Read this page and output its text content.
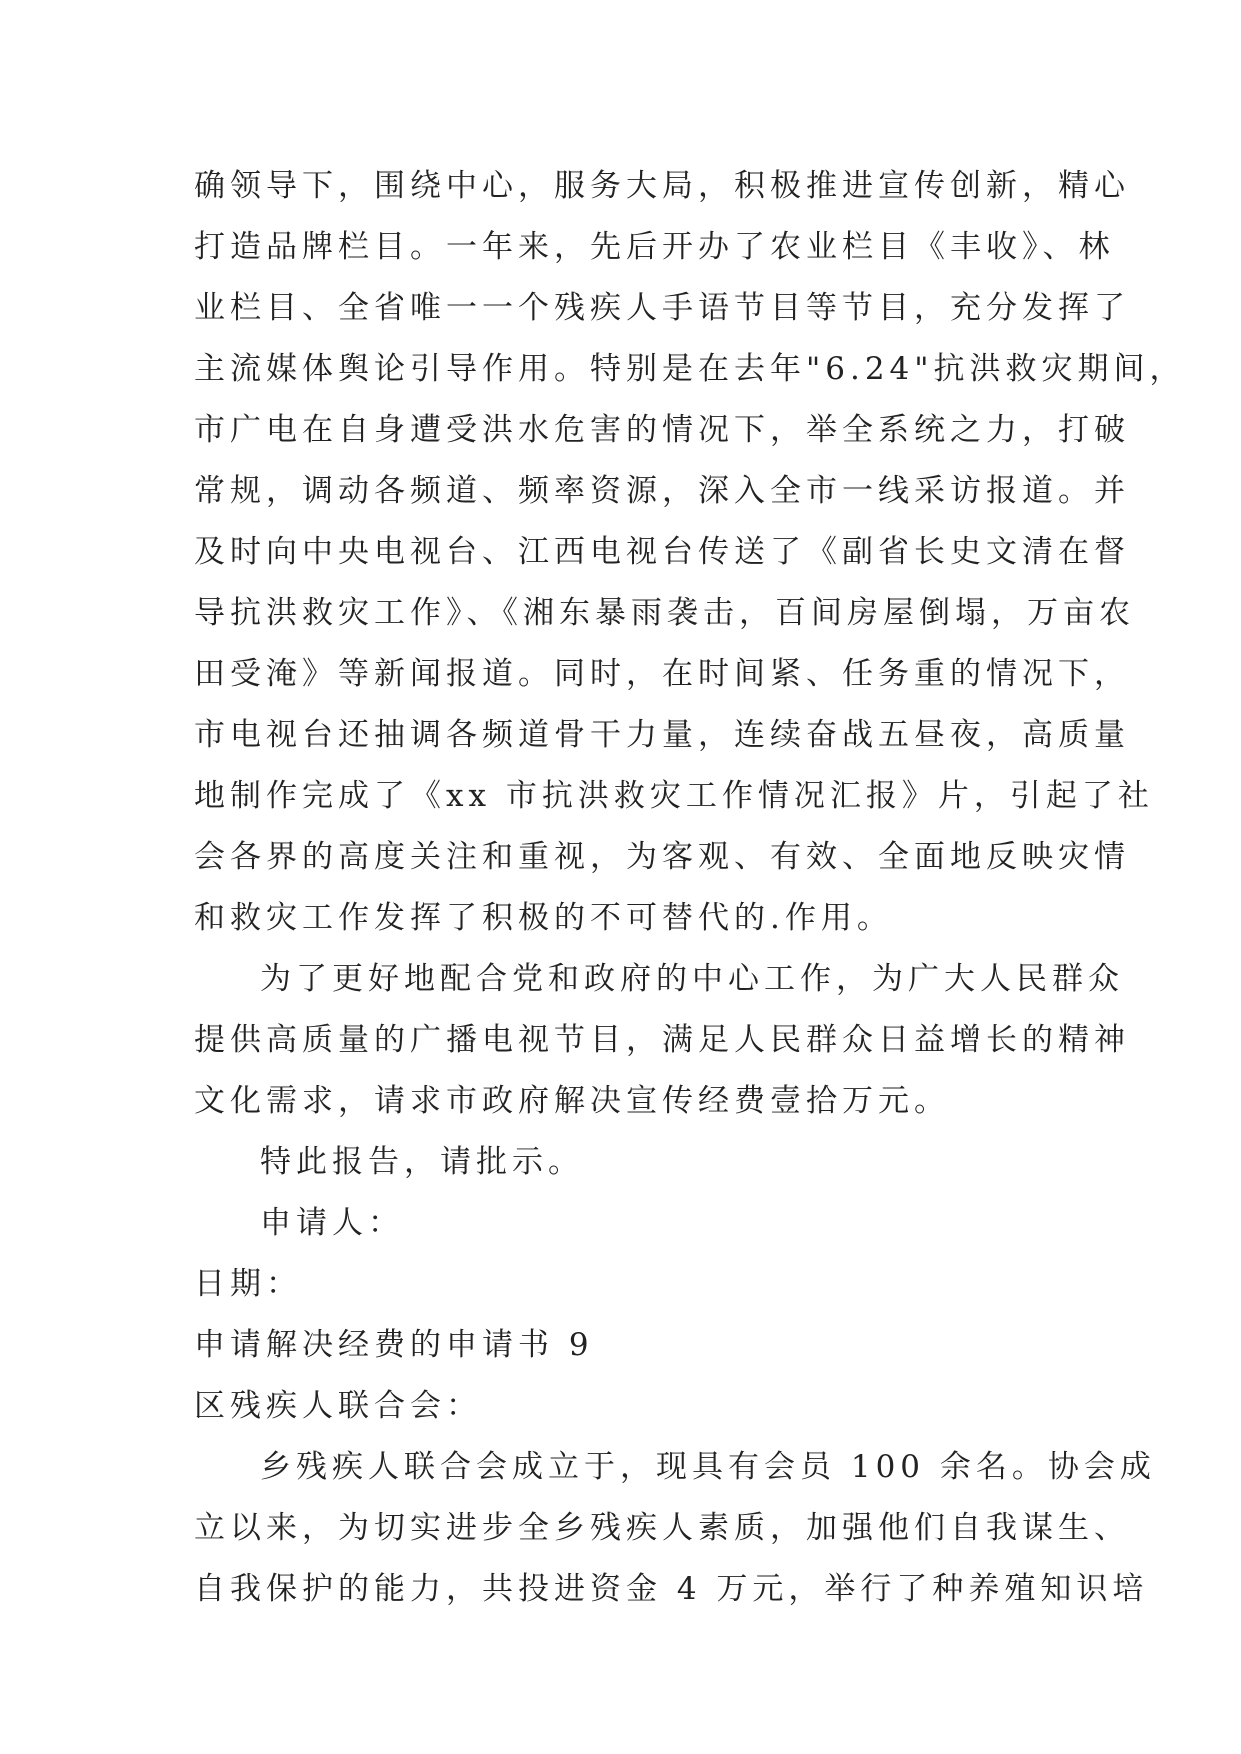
确领导下，围绕中心，服务大局，积极推进宣传创新，精心
打造品牌栏目。一年来，先后开办了农业栏目《丰收》、林
业栏目、全省唯一一个残疾人手语节目等节目，充分发挥了
主流媒体舆论引导作用。特别是在去年"6.24"抗洪救灾期间，
市广电在自身遭受洪水危害的情况下，举全系统之力，打破
常规，调动各频道、频率资源，深入全市一线采访报道。并
及时向中央电视台、江西电视台传送了《副省长史文清在督
导抗洪救灾工作》、《湘东暴雨袭击，百间房屋倒塌，万亩农
田受淹》等新闻报道。同时，在时间紧、任务重的情况下，
市电视台还抽调各频道骨干力量，连续奋战五昼夜，高质量
地制作完成了《xx 市抗洪救灾工作情况汇报》片，引起了社
会各界的高度关注和重视，为客观、有效、全面地反映灾情
和救灾工作发挥了积极的不可替代的.作用。
为了更好地配合党和政府的中心工作，为广大人民群众
提供高质量的广播电视节目，满足人民群众日益增长的精神
文化需求，请求市政府解决宣传经费壹拾万元。
特此报告，请批示。
申请人：
日期：
申请解决经费的申请书 9
区残疾人联合会：
乡残疾人联合会成立于，现具有会员 100 余名。协会成
立以来，为切实进步全乡残疾人素质，加强他们自我谋生、
自我保护的能力，共投进资金 4 万元，举行了种养殖知识培
